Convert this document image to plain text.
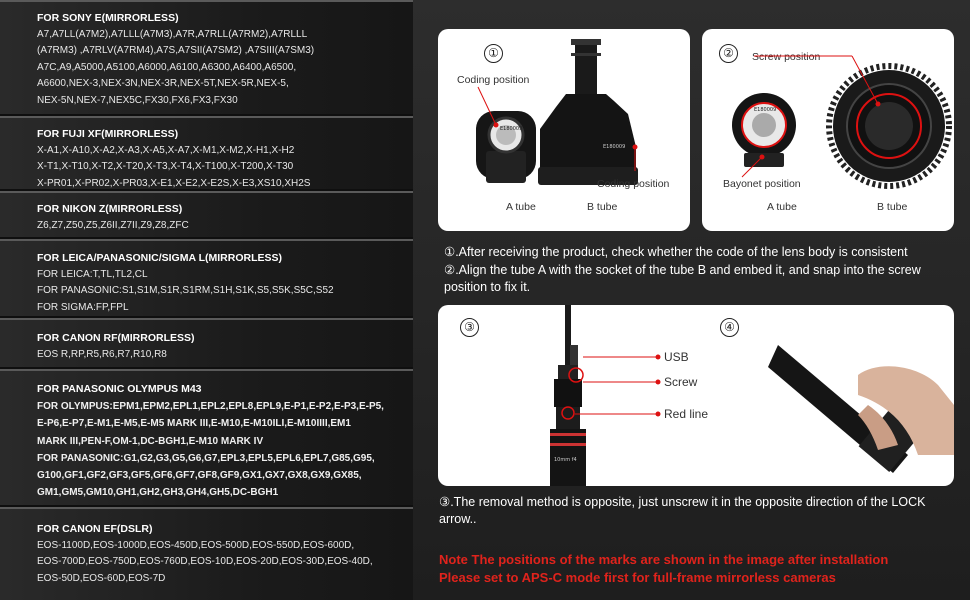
FOR SONY E(MIRRORLESS)
A7,A7LL(A7M2),A7LLL(A7M3),A7R,A7RLL(A7RM2),A7RLLL
(A7RM3) ,A7RLV(A7RM4),A7S,A7SII(A7SM2) ,A7SIII(A7SM3)
A7C,A9,A5000,A5100,A6000,A6100,A6300,A6400,A6500,
A6600,NEX-3,NEX-3N,NEX-3R,NEX-5T,NEX-5R,NEX-5,
NEX-5N,NEX-7,NEX5C,FX30,FX6,FX3,FX30
FOR FUJI XF(MIRRORLESS)
X-A1,X-A10,X-A2,X-A3,X-A5,X-A7,X-M1,X-M2,X-H1,X-H2
X-T1,X-T10,X-T2,X-T20,X-T3,X-T4,X-T100,X-T200,X-T30
X-PR01,X-PR02,X-PR03,X-E1,X-E2,X-E2S,X-E3,XS10,XH2S
FOR NIKON Z(MIRRORLESS)
Z6,Z7,Z50,Z5,Z6II,Z7II,Z9,Z8,ZFC
FOR LEICA/PANASONIC/SIGMA L(MIRRORLESS)
FOR LEICA:T,TL,TL2,CL
FOR PANASONIC:S1,S1M,S1R,S1RM,S1H,S1K,S5,S5K,S5C,S52
FOR SIGMA:FP,FPL
FOR CANON RF(MIRRORLESS)
EOS R,RP,R5,R6,R7,R10,R8
FOR PANASONIC OLYMPUS M43
FOR OLYMPUS:EPM1,EPM2,EPL1,EPL2,EPL8,EPL9,E-P1,E-P2,E-P3,E-P5,
E-P6,E-P7,E-M1,E-M5,E-M5 MARK III,E-M10,E-M10ILI,E-M10IIII,EM1
MARK III,PEN-F,OM-1,DC-BGH1,E-M10 MARK IV
FOR PANASONIC:G1,G2,G3,G5,G6,G7,EPL3,EPL5,EPL6,EPL7,G85,G95,
G100,GF1,GF2,GF3,GF5,GF6,GF7,GF8,GF9,GX1,GX7,GX8,GX9,GX85,
GM1,GM5,GM10,GH1,GH2,GH3,GH4,GH5,DC-BGH1
FOR CANON EF(DSLR)
EOS-1100D,EOS-1000D,EOS-450D,EOS-500D,EOS-550D,EOS-600D,
EOS-700D,EOS-750D,EOS-760D,EOS-10D,EOS-20D,EOS-30D,EOS-40D,
EOS-50D,EOS-60D,EOS-7D
①
Coding position
E180009
E180009
Coding position
A tube	B tube
②	Screw position
E180009
Bayonet position
A tube	B tube
①.After receiving the product, check whether the code of the lens body is consistent
②.Align the tube A with the socket of the tube B and embed it, and snap into the screw position to fix it.
③	④
10mm f4
USB
Screw
Red line
③.The removal method is opposite, just unscrew it in the opposite direction of the LOCK arrow..
Note The positions of the marks are shown in the image after installation
Please set to APS-C mode first for full-frame mirrorless cameras
